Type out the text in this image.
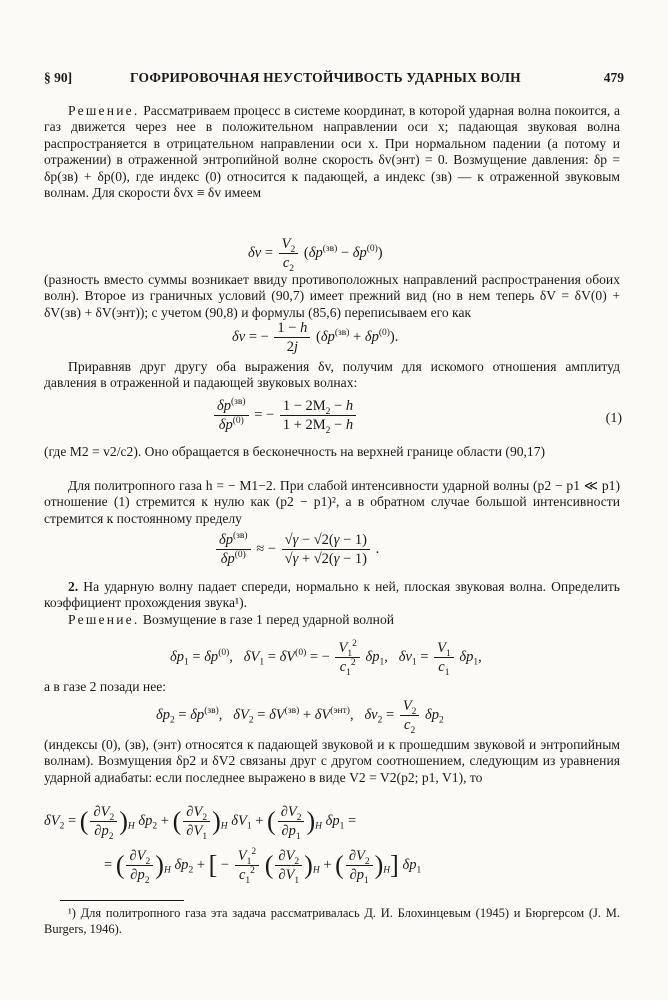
§ 90]	ГОФРИРОВОЧНАЯ НЕУСТОЙЧИВОСТЬ УДАРНЫХ ВОЛН	479

Решение. Рассматриваем процесс в системе координат, в которой ударная волна покоится, а газ движется через нее в положительном направлении оси x; падающая звуковая волна распространяется в отрицательном направлении оси x. При нормальном падении (а потому и отражении) в отраженной энтропийной волне скорость δv(энт) = 0. Возмущение давления: δp = δp(зв) + δp(0), где индекс (0) относится к падающей, а индекс (зв) — к отраженной звуковым волнам. Для скорости δvx ≡ δv имеем

$\delta v = \frac{V_2}{c_2} (\delta p^{(зв)} - \delta p^{(0)})$

(разность вместо суммы возникает ввиду противоположных направлений распространения обоих волн). Второе из граничных условий (90,7) имеет прежний вид (но в нем теперь δV = δV(0) + δV(зв) + δV(энт)); с учетом (90,8) и формулы (85,6) переписываем его как

δv = − $\frac{1 - h}{2j} (\delta p^{(зв)} + \delta p^{(0)})$.

Приравняв друг другу оба выражения δv, получим для искомого отношения амплитуд давления в отраженной и падающей звуковых волнах:

$\frac{\delta p^{(зв)}}{\delta p^{(0)}}$ = − $\frac{1 - 2M_2 - h}{1 + 2M_2 - h}$	(1)

(где M2 = v2/c2). Оно обращается в бесконечность на верхней границе области (90,17)

Для политропного газа h = − M1−2. При слабой интенсивности ударной волны (p2 − p1 ≪ p1) отношение (1) стремится к нулю как (p2 − p1)², а в обратном случае большой интенсивности стремится к постоянному пределу

$\frac{\delta p^{(зв)}}{\delta p^{(0)}}$ ≈ − $\frac{√\gamma - √2(\gamma - 1)}{√\gamma + √2(\gamma - 1)}$ .

2. На ударную волну падает спереди, нормально к ней, плоская звуковая волна. Определить коэффициент прохождения звука¹).

Решение. Возмущение в газе 1 перед ударной волной

$\delta p_1 = \delta p^{(0)}$,   $\delta V_1 = \delta V^{(0)}$ = − $\frac{V_1^2}{c_1^2} \delta p_1$,   $\delta v_1 = \frac{V_1}{c_1} \delta p_1$,

а в газе 2 позади нее:

$\delta p_2 = \delta p^{(зв)}$,   $\delta V_2 = \delta V^{(зв)} + \delta V^{(энт)}$,   $\delta v_2 = \frac{V_2}{c_2} \delta p_2$

(индексы (0), (зв), (энт) относятся к падающей звуковой и к прошедшим звуковой и энтропийным волнам). Возмущения δp2 и δV2 связаны друг с другом соотношением, следующим из уравнения ударной адиабаты: если последнее выражено в виде V2 = V2(p2; p1, V1), то

$\delta V_2$ = ( $\frac{\partial V_2}{\partial p_2} )_H$ $\delta p_2$ + ( $\frac{\partial V_2}{\partial V_1} )_H$ $\delta V_1$ + ( $\frac{\partial V_2}{\partial p_1} )_H$ $\delta p_1$ =
= ( $\frac{\partial V_2}{\partial p_2} )_H$ $\delta p_2$ + [ − $\frac{V_1^2}{c_1^2}$ ( $\frac{\partial V_2}{\partial V_1} )_H$ + ( $\frac{\partial V_2}{\partial p_1} )_H$] $\delta p_1$
¹) Для политропного газа эта задача рассматривалась Д. И. Блохинцевым (1945) и Бюргерсом (J. M. Burgers, 1946).
